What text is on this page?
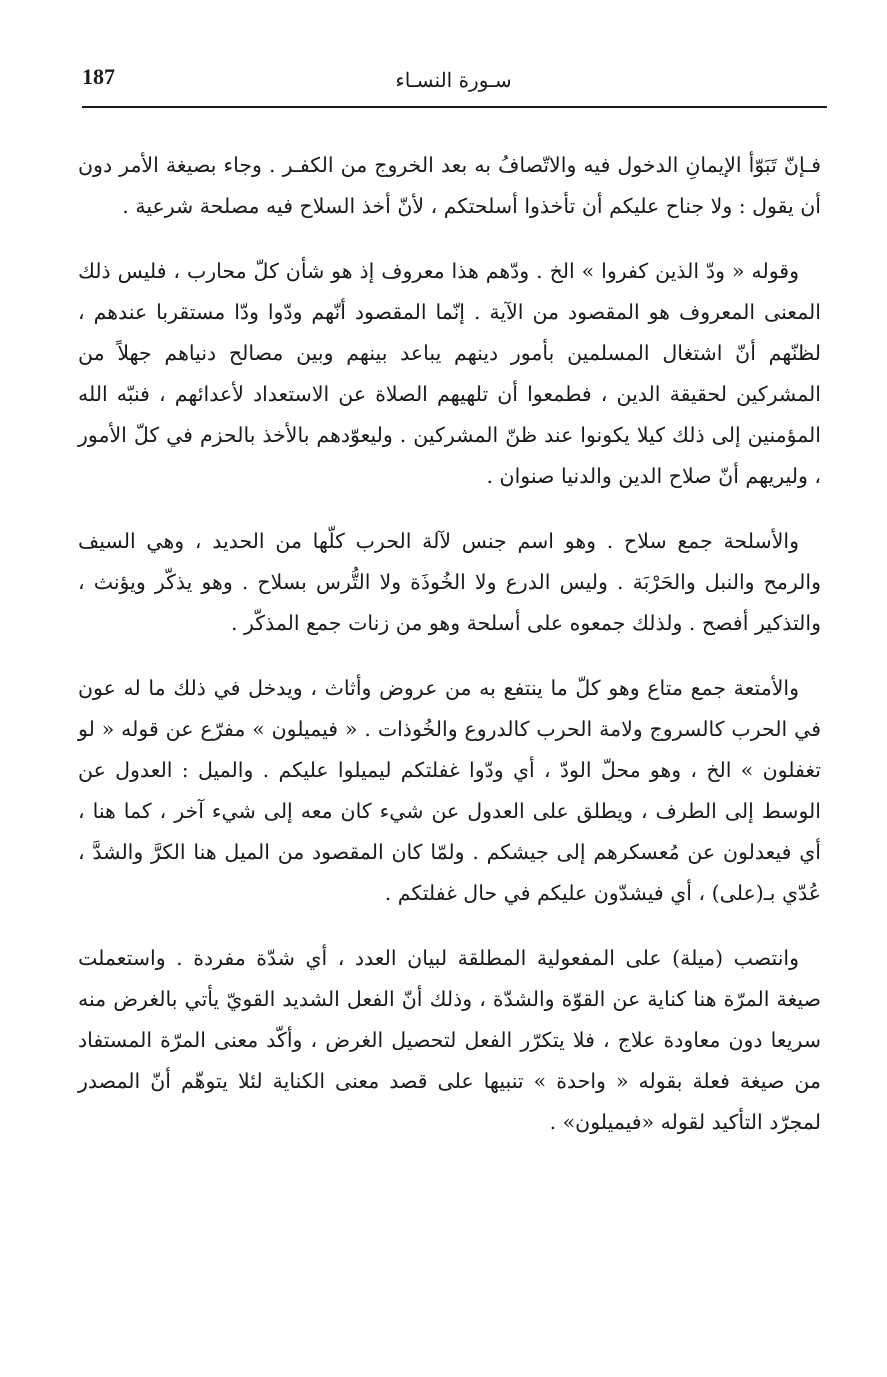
187	سـورة النسـاء

فـإنّ تَبَوّأ الإيمانِ الدخول فيه والاتّصافُ به بعد الخروج من الكفـر . وجاء بصيغة الأمر دون أن يقول : ولا جناح عليكم أن تأخذوا أسلحتكم ، لأنّ أخذ السلاح فيه مصلحة شرعية .

وقوله « ودّ الذين كفروا » الخ . ودّهم هذا معروف إذ هو شأن كلّ محارب ، فليس ذلك المعنى المعروف هو المقصود من الآية . إنّما المقصود أنّهم ودّوا ودّا مستقربا عندهم ، لظنّهم أنّ اشتغال المسلمين بأمور دينهم يباعد بينهم وبين مصالح دنياهم جهلاً من المشركين لحقيقة الدين ، فطمعوا أن تلهيهم الصلاة عن الاستعداد لأعدائهم ، فنبّه الله المؤمنين إلى ذلك كيلا يكونوا عند ظنّ المشركين . وليعوّدهم بالأخذ بالحزم في كلّ الأمور ، وليريهم أنّ صلاح الدين والدنيا صنوان .

والأسلحة جمع سلاح . وهو اسم جنس لآلة الحرب كلّها من الحديد ، وهي السيف والرمح والنبل والحَرْبَة . وليس الدرع ولا الخُوذَة ولا التُّرس بسلاح . وهو يذكّر ويؤنث ، والتذكير أفصح . ولذلك جمعوه على أسلحة وهو من زنات جمع المذكّر .

والأمتعة جمع متاع وهو كلّ ما ينتفع به من عروض وأثاث ، ويدخل في ذلك ما له عون في الحرب كالسروج ولامة الحرب كالدروع والخُوذات . « فيميلون » مفرّع عن قوله « لو تغفلون » الخ ، وهو محلّ الودّ ، أي ودّوا غفلتكم ليميلوا عليكم . والميل : العدول عن الوسط إلى الطرف ، ويطلق على العدول عن شيء كان معه إلى شيء آخر ، كما هنا ، أي فيعدلون عن مُعسكرهم إلى جيشكم . ولمّا كان المقصود من الميل هنا الكرَّ والشدَّ ، عُدّي بـ(على) ، أي فيشدّون عليكم في حال غفلتكم .

وانتصب (ميلة) على المفعولية المطلقة لبيان العدد ، أي شدّة مفردة . واستعملت صيغة المرّة هنا كناية عن القوّة والشدّة ، وذلك أنّ الفعل الشديد القويّ يأتي بالغرض منه سريعا دون معاودة علاج ، فلا يتكرّر الفعل لتحصيل الغرض ، وأكّد معنى المرّة المستفاد من صيغة فعلة بقوله « واحدة » تنبيها على قصد معنى الكناية لئلا يتوهّم أنّ المصدر لمجرّد التأكيد لقوله «فيميلون» .
